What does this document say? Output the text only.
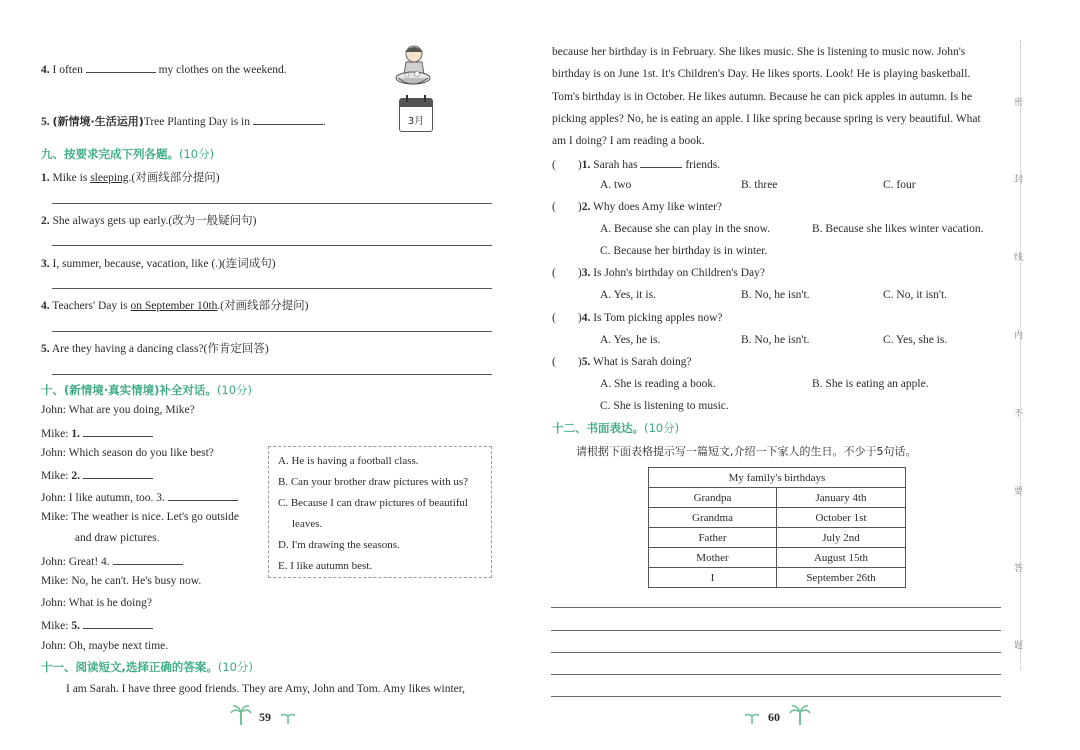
4. I often	my clothes on the weekend.
5. (新情境·生活运用)Tree Planting Day is in	.	3月
九、按要求完成下列各题。(10分)
1. Mike is sleeping.(对画线部分提问)
2. She always gets up early.(改为一般疑问句)
3. I, summer, because, vacation, like (.)(连词成句)
4. Teachers' Day is on September 10th.(对画线部分提问)
5. Are they having a dancing class?(作肯定回答)
十、(新情境·真实情境)补全对话。(10分)
John: What are you doing, Mike?
Mike: 1.
John: Which season do you like best?
Mike: 2.
John: I like autumn, too. 3.
Mike: The weather is nice. Let's go outside
and draw pictures.
John: Great! 4.
Mike: No, he can't. He's busy now.
John: What is he doing?
Mike: 5.
John: Oh, maybe next time.
A. He is having a football class.
B. Can your brother draw pictures with us?
C. Because I can draw pictures of beautiful
leaves.
D. I'm drawing the seasons.
E. I like autumn best.
十一、阅读短文,选择正确的答案。(10分)
I am Sarah. I have three good friends. They are Amy, John and Tom. Amy likes winter,
59
because her birthday is in February. She likes music. She is listening to music now. John's
birthday is on June 1st. It's Children's Day. He likes sports. Look! He is playing basketball.
Tom's birthday is in October. He likes autumn. Because he can pick apples in autumn. Is he
picking apples? No, he is eating an apple. I like spring because spring is very beautiful. What
am I doing? I am reading a book.
( )1. Sarah has	friends.
A. two	B. three	C. four
( )2. Why does Amy like winter?
A. Because she can play in the snow.	B. Because she likes winter vacation.
C. Because her birthday is in winter.
( )3. Is John's birthday on Children's Day?
A. Yes, it is.	B. No, he isn't.	C. No, it isn't.
( )4. Is Tom picking apples now?
A. Yes, he is.	B. No, he isn't.	C. Yes, she is.
( )5. What is Sarah doing?
A. She is reading a book.	B. She is eating an apple.
C. She is listening to music.
十二、书面表达。(10分)
请根据下面表格提示写一篇短文,介绍一下家人的生日。不少于5句话。
My family's birthdays	
Grandpa	January 4th
Grandma	October 1st
Father	July 2nd
Mother	August 15th
I	September 26th
60
密
封
线
内
不
要
答
题
